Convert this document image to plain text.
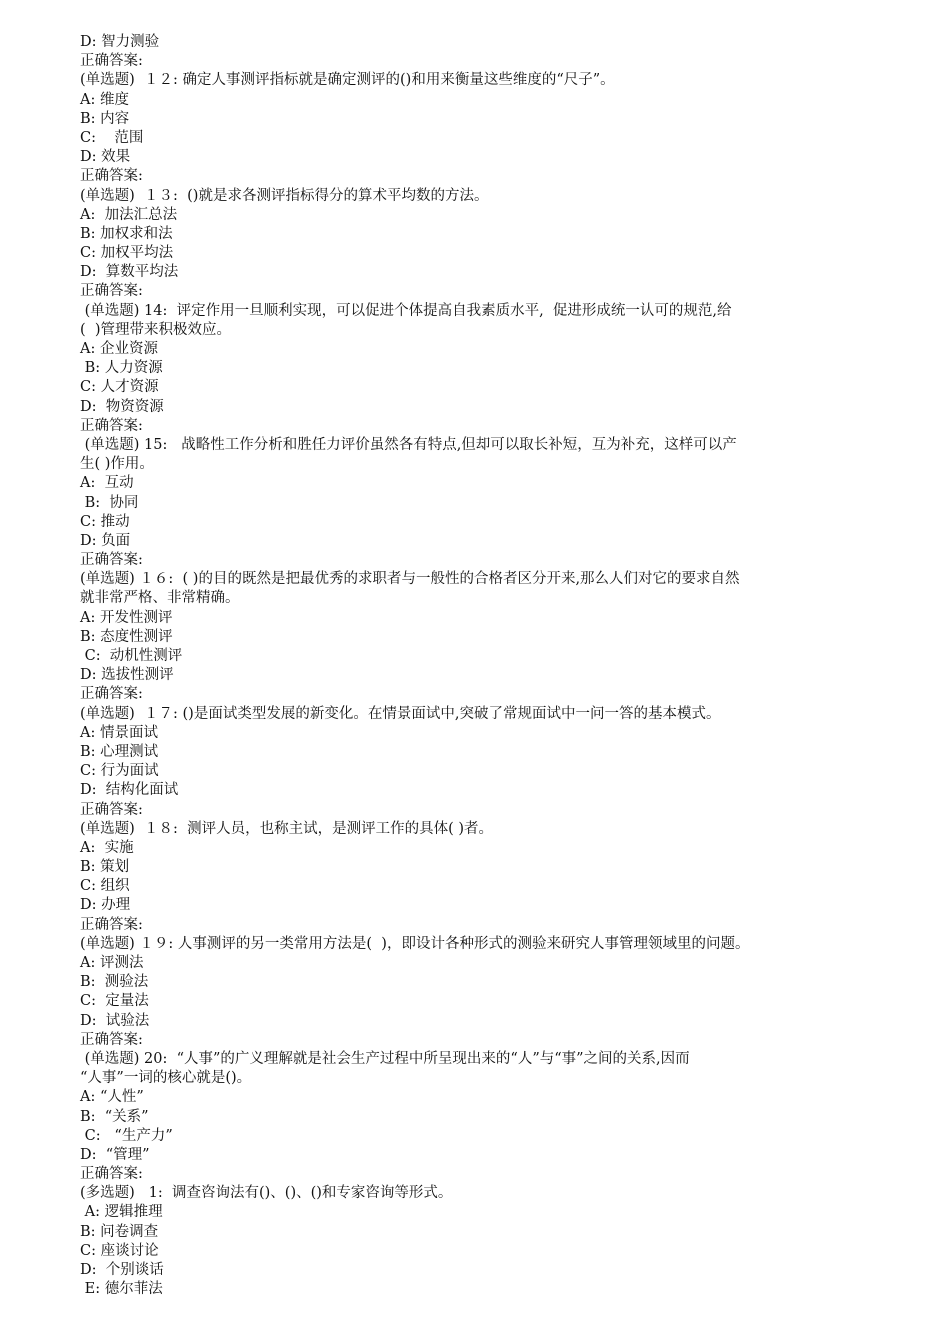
D: 智力测验
正确答案:
(单选题)  １２: 确定人事测评指标就是确定测评的()和用来衡量这些维度的“尺子”。
A: 维度
B: 内容
C:    范围
D: 效果
正确答案:
(单选题)  １３:  ()就是求各测评指标得分的算术平均数的方法。
A:  加法汇总法
B: 加权求和法
C: 加权平均法
D:  算数平均法
正确答案:
(单选题) 14:  评定作用一旦顺利实现，可以促进个体提高自我素质水平,  促进形成统一认可的规范,给
(  )管理带来积极效应。
A: 企业资源
B: 人力资源
C: 人才资源
D:  物资资源
正确答案:
(单选题) 15:   战略性工作分析和胜任力评价虽然各有特点,但却可以取长补短，互为补充，这样可以产
生( )作用。
A:  互动
B:  协同
C: 推动
D: 负面
正确答案:
(单选题) １６:  ( )的目的既然是把最优秀的求职者与一般性的合格者区分开来,那么人们对它的要求自然
就非常严格、非常精确。
A: 开发性测评
B: 态度性测评
C:  动机性测评
D: 选拔性测评
正确答案:
(单选题)  １７: ()是面试类型发展的新变化。在情景面试中,突破了常规面试中一问一答的基本模式。
A: 情景面试
B: 心理测试
C: 行为面试
D:  结构化面试
正确答案:
(单选题)  １８:  测评人员，也称主试，是测评工作的具体( )者。
A:  实施
B: 策划
C: 组织
D: 办理
正确答案:
(单选题) １９: 人事测评的另一类常用方法是(  )，即设计各种形式的测验来研究人事管理领域里的问题。
A: 评测法
B:  测验法
C:  定量法
D:  试验法
正确答案:
(单选题) 20:  “人事”的广义理解就是社会生产过程中所呈现出来的“人”与“事”之间的关系,因而
“人事”一词的核心就是()。
A: “人性”
B:  “关系”
C:   “生产力”
D:  “管理”
正确答案:
(多选题)   1:  调查咨询法有()、()、()和专家咨询等形式。
A: 逻辑推理
B: 问卷调查
C: 座谈讨论
D:  个别谈话
E: 德尔菲法
